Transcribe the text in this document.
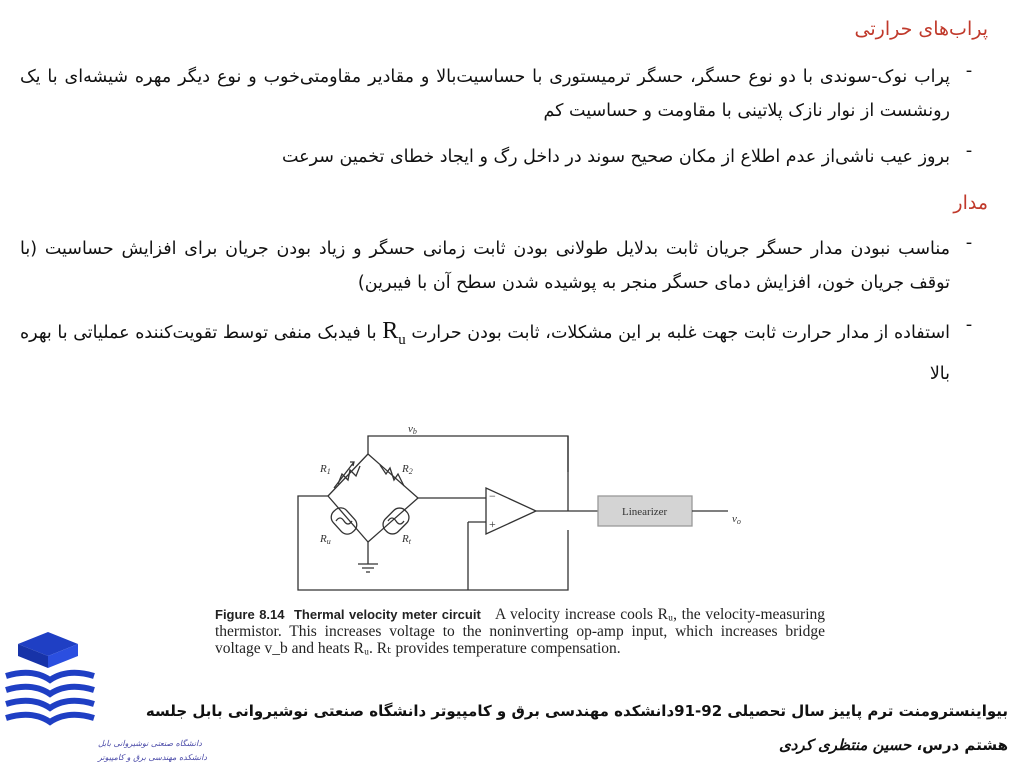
پراب‌های حرارتی
-
پراب نوک-سوندی با دو نوع حسگر، حسگر ترمیستوری با حساسیت‌بالا و مقادیر مقاومتی‌خوب و نوع دیگر مهره شیشه‌ای با یک رونشست از نوار نازک پلاتینی با مقاومت و حساسیت کم
-
بروز عیب ناشی‌از عدم اطلاع از مکان صحیح سوند در داخل رگ و ایجاد خطای تخمین سرعت
مدار
-
مناسب نبودن مدار حسگر جریان ثابت بدلایل طولانی بودن ثابت زمانی حسگر و زیاد بودن جریان برای افزایش حساسیت (با توقف جریان خون، افزایش دمای حسگر منجر به پوشیده شدن سطح آن با فیبرین)
-
استفاده از مدار حرارت ثابت جهت غلبه بر این مشکلات، ثابت بودن حرارت $R_u$ با فیدبک منفی توسط تقویت‌کننده عملیاتی با بهره بالا
vb
R1	R2
Ru	Rt
−
+
Linearizer
vo
Figure 8.14 Thermal velocity meter circuit A velocity increase cools Rᵤ, the velocity-measuring thermistor. This increases voltage to the noninverting op-amp input, which increases bridge voltage v_b and heats Rᵤ. Rₜ provides temperature compensation.
بیواینسترومنت ترم پاییز سال تحصیلی 92-91دانشکده مهندسی برق و کامپیوتر دانشگاه صنعتی نوشیروانی بابل جلسه
هشتم درس، حسین منتظری کردی
دانشگاه صنعتی نوشیروانی بابل
دانشکده مهندسی برق و کامپیوتر
